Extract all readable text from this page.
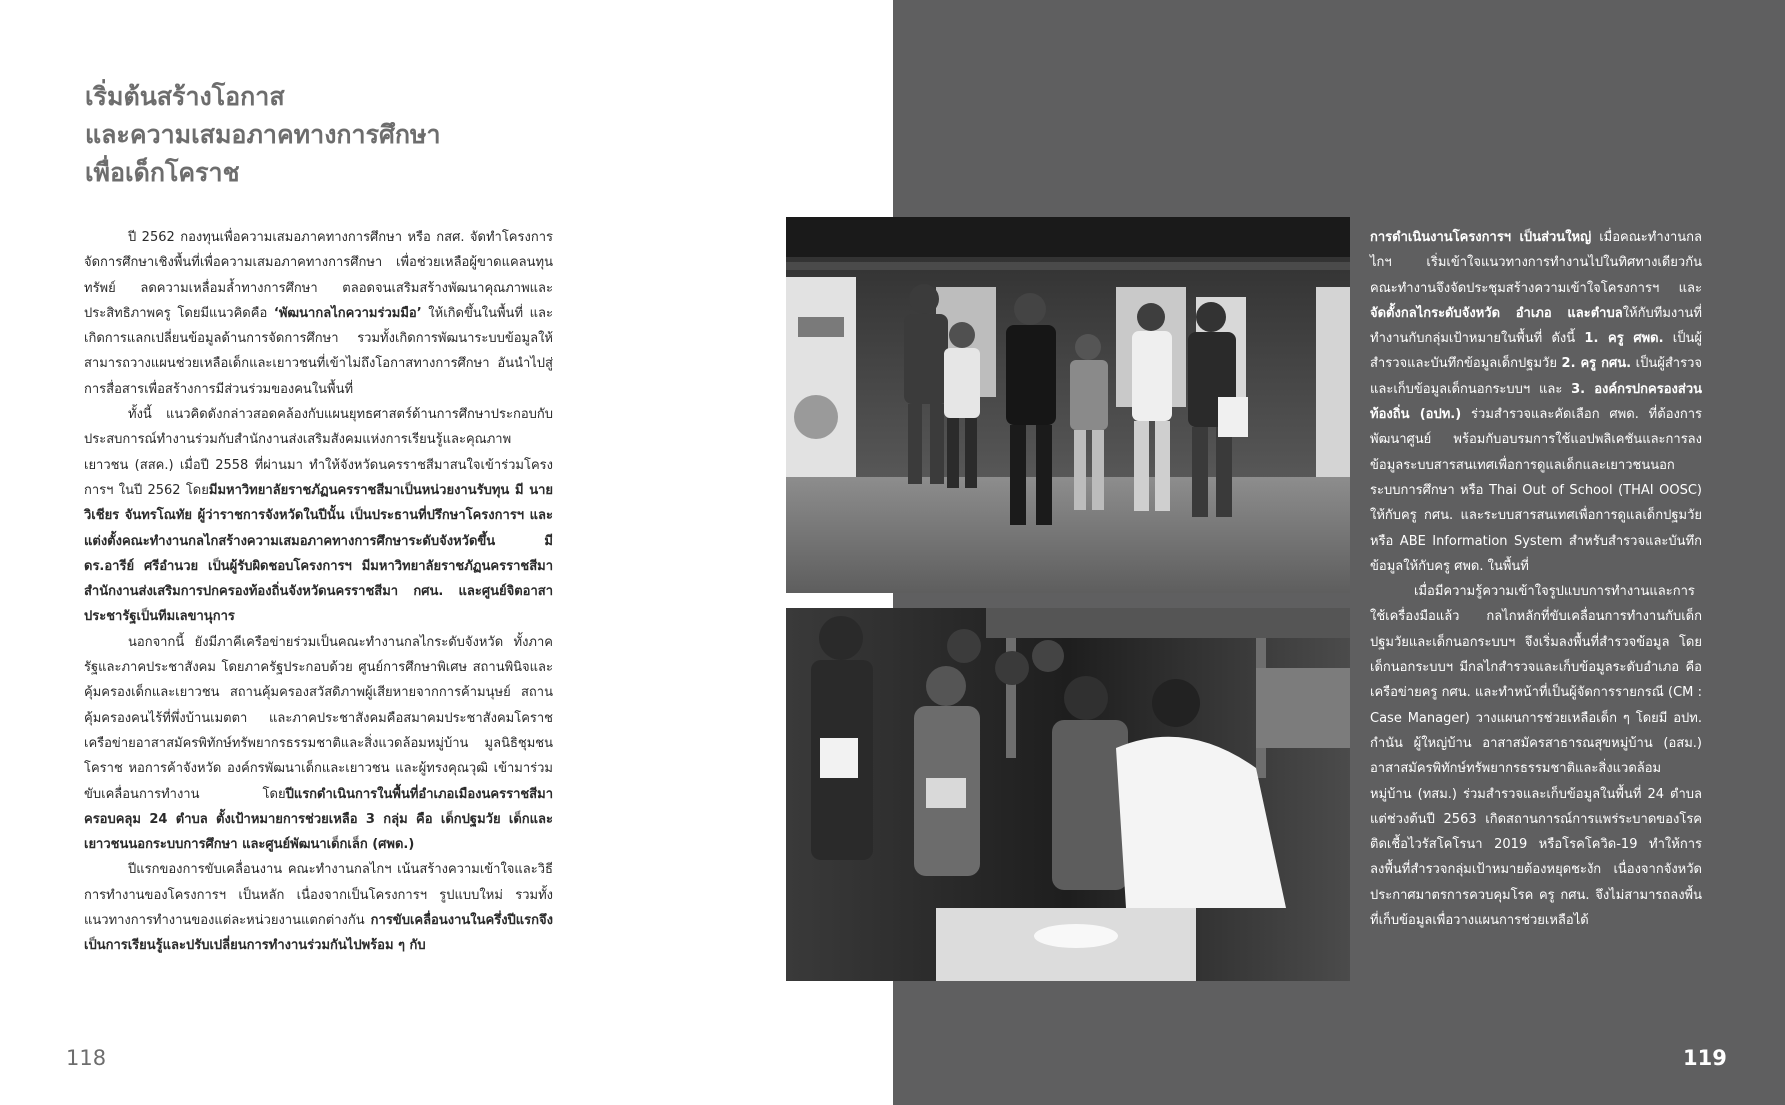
เริ่มต้นสร้างโอกาส
และความเสมอภาคทางการศึกษา
เพื่อเด็กโคราช

ปี 2562 กองทุนเพื่อความเสมอภาคทางการศึกษา หรือ กสศ. จัดทำโครงการจัดการศึกษาเชิงพื้นที่เพื่อความเสมอภาคทางการศึกษา เพื่อช่วยเหลือผู้ขาดแคลนทุนทรัพย์ ลดความเหลื่อมล้ำทางการศึกษา ตลอดจนเสริมสร้างพัฒนาคุณภาพและประสิทธิภาพครู โดยมีแนวคิดคือ ‘พัฒนากลไกความร่วมมือ’ ให้เกิดขึ้นในพื้นที่ และเกิดการแลกเปลี่ยนข้อมูลด้านการจัดการศึกษา รวมทั้งเกิดการพัฒนาระบบข้อมูลให้สามารถวางแผนช่วยเหลือเด็กและเยาวชนที่เข้าไม่ถึงโอกาสทางการศึกษา อันนำไปสู่การสื่อสารเพื่อสร้างการมีส่วนร่วมของคนในพื้นที่

ทั้งนี้ แนวคิดดังกล่าวสอดคล้องกับแผนยุทธศาสตร์ด้านการศึกษาประกอบกับประสบการณ์ทำงานร่วมกับสำนักงานส่งเสริมสังคมแห่งการเรียนรู้และคุณภาพเยาวชน (สสค.) เมื่อปี 2558 ที่ผ่านมา ทำให้จังหวัดนครราชสีมาสนใจเข้าร่วมโครงการฯ ในปี 2562 โดยมีมหาวิทยาลัยราชภัฏนครราชสีมาเป็นหน่วยงานรับทุน มี นายวิเชียร จันทรโณทัย ผู้ว่าราชการจังหวัดในปีนั้น เป็นประธานที่ปรึกษาโครงการฯ และแต่งตั้งคณะทำงานกลไกสร้างความเสมอภาคทางการศึกษาระดับจังหวัดขึ้น มี ดร.อารีย์ ศรีอำนวย เป็นผู้รับผิดชอบโครงการฯ มีมหาวิทยาลัยราชภัฏนครราชสีมา สำนักงานส่งเสริมการปกครองท้องถิ่นจังหวัดนครราชสีมา กศน. และศูนย์จิตอาสาประชารัฐเป็นทีมเลขานุการ

นอกจากนี้ ยังมีภาคีเครือข่ายร่วมเป็นคณะทำงานกลไกระดับจังหวัด ทั้งภาครัฐและภาคประชาสังคม โดยภาครัฐประกอบด้วย ศูนย์การศึกษาพิเศษ สถานพินิจและคุ้มครองเด็กและเยาวชน สถานคุ้มครองสวัสดิภาพผู้เสียหายจากการค้ามนุษย์ สถานคุ้มครองคนไร้ที่พึ่งบ้านเมตตา และภาคประชาสังคมคือสมาคมประชาสังคมโคราช เครือข่ายอาสาสมัครพิทักษ์ทรัพยากรธรรมชาติและสิ่งแวดล้อมหมู่บ้าน มูลนิธิชุมชนโคราช หอการค้าจังหวัด องค์กรพัฒนาเด็กและเยาวชน และผู้ทรงคุณวุฒิ เข้ามาร่วมขับเคลื่อนการทำงาน โดยปีแรกดำเนินการในพื้นที่อำเภอเมืองนครราชสีมา ครอบคลุม 24 ตำบล ตั้งเป้าหมายการช่วยเหลือ 3 กลุ่ม คือ เด็กปฐมวัย เด็กและเยาวชนนอกระบบการศึกษา และศูนย์พัฒนาเด็กเล็ก (ศพด.)

ปีแรกของการขับเคลื่อนงาน คณะทำงานกลไกฯ เน้นสร้างความเข้าใจและวิธีการทำงานของโครงการฯ เป็นหลัก เนื่องจากเป็นโครงการฯ รูปแบบใหม่ รวมทั้งแนวทางการทำงานของแต่ละหน่วยงานแตกต่างกัน การขับเคลื่อนงานในครึ่งปีแรกจึงเป็นการเรียนรู้และปรับเปลี่ยนการทำงานร่วมกันไปพร้อม ๆ กับ

การดำเนินงานโครงการฯ เป็นส่วนใหญ่ เมื่อคณะทำงานกลไกฯ เริ่มเข้าใจแนวทางการทำงานไปในทิศทางเดียวกัน คณะทำงานจึงจัดประชุมสร้างความเข้าใจโครงการฯ และจัดตั้งกลไกระดับจังหวัด อำเภอ และตำบลให้กับทีมงานที่ทำงานกับกลุ่มเป้าหมายในพื้นที่ ดังนี้ 1. ครู ศพด. เป็นผู้สำรวจและบันทึกข้อมูลเด็กปฐมวัย 2. ครู กศน. เป็นผู้สำรวจและเก็บข้อมูลเด็กนอกระบบฯ และ 3. องค์กรปกครองส่วนท้องถิ่น (อปท.) ร่วมสำรวจและคัดเลือก ศพด. ที่ต้องการพัฒนาศูนย์ พร้อมกับอบรมการใช้แอปพลิเคชันและการลงข้อมูลระบบสารสนเทศเพื่อการดูแลเด็กและเยาวชนนอกระบบการศึกษา หรือ Thai Out of School (THAI OOSC) ให้กับครู กศน. และระบบสารสนเทศเพื่อการดูแลเด็กปฐมวัย หรือ ABE Information System สำหรับสำรวจและบันทึกข้อมูลให้กับครู ศพด. ในพื้นที่

เมื่อมีความรู้ความเข้าใจรูปแบบการทำงานและการใช้เครื่องมือแล้ว กลไกหลักที่ขับเคลื่อนการทำงานกับเด็กปฐมวัยและเด็กนอกระบบฯ จึงเริ่มลงพื้นที่สำรวจข้อมูล โดยเด็กนอกระบบฯ มีกลไกสำรวจและเก็บข้อมูลระดับอำเภอ คือ เครือข่ายครู กศน. และทำหน้าที่เป็นผู้จัดการรายกรณี (CM : Case Manager) วางแผนการช่วยเหลือเด็ก ๆ โดยมี อปท. กำนัน ผู้ใหญ่บ้าน อาสาสมัครสาธารณสุขหมู่บ้าน (อสม.) อาสาสมัครพิทักษ์ทรัพยากรธรรมชาติและสิ่งแวดล้อมหมู่บ้าน (ทสม.) ร่วมสำรวจและเก็บข้อมูลในพื้นที่ 24 ตำบล แต่ช่วงต้นปี 2563 เกิดสถานการณ์การแพร่ระบาดของโรคติดเชื้อไวรัสโคโรนา 2019 หรือโรคโควิด-19 ทำให้การลงพื้นที่สำรวจกลุ่มเป้าหมายต้องหยุดชะงัก เนื่องจากจังหวัดประกาศมาตรการควบคุมโรค ครู กศน. จึงไม่สามารถลงพื้นที่เก็บข้อมูลเพื่อวางแผนการช่วยเหลือได้

118	119
